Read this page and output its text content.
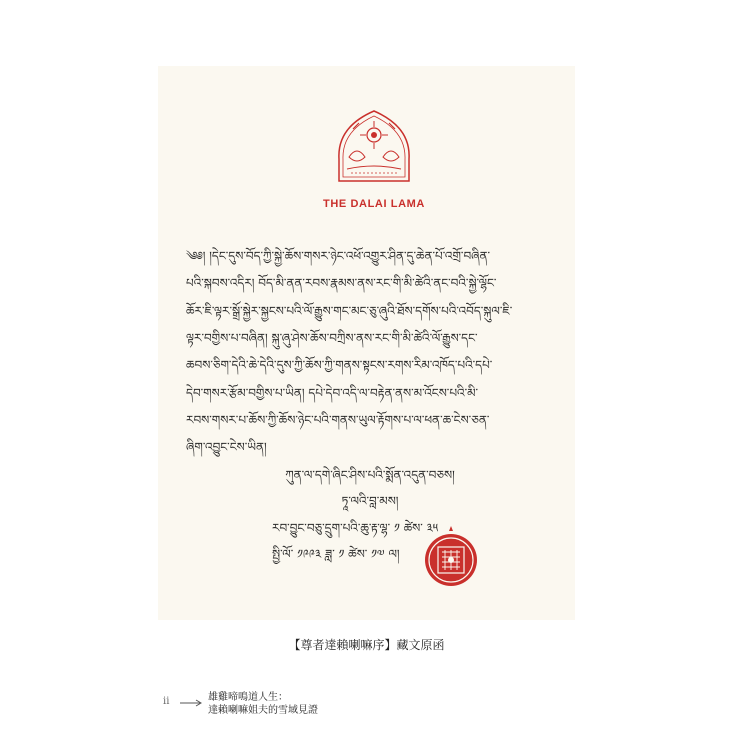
THE DALAI LAMA
༄༅། །དེང་དུས་བོད་ཀྱི་སྐྱེ་ཆོས་གསར་ཉེང་འཕོ་འགྱུར་ཤིན་དུ་ཆེན་པོ་འགྲོ་བཞིན་
པའི་སྐབས་འདིར། བོད་མི་ནན་རབས་རྣམས་ནས་རང་གི་མི་ཚེའི་ནང་བའི་སྐྱེ་ལྷོང་
ཆོར་ཇི་ལྟར་སྒྲོ་སྐྱེར་སྐྱངས་པའི་ལོ་རྒྱུས་གང་མང་ཅུ་ཞུའི་ཐོས་དགོས་པའི་འབོད་སྐུལ་ཇི་
ལྟར་བགྱིས་པ་བཞིན། སྐུ་ཞུ་ཤེས་ཆོས་བཀྲིས་ནས་རང་གི་མི་ཚེའི་ལོ་རྒྱུས་དང་
ཆབས་ཅིག་དེའི་ཆེ་དེའི་དུས་ཀྱི་ཆོས་ཀྱི་གནས་སྟངས་རགས་རིམ་འཁོད་པའི་དཔེ་
དེབ་གསར་རྩོམ་བགྱིས་པ་ཡིན། དཔེ་དེབ་འདི་ལ་བརྟེན་ནས་མ་འོངས་པའི་མི་
རབས་གསར་པ་ཆོས་ཀྱི་ཆོས་ཉེང་པའི་གནས་ཡུལ་རྟོགས་པ་ལ་ཕན་ཆ་ངེས་ཅན་
ཞིག་འབྱུང་ངེས་ཡིན།
ཀུན་ལ་དགེ་ཞིང་ཤིས་པའི་སྨོན་འདུན་བཅས།
ཏཱ་ལའི་བླ་མས།
རབ་བྱུང་བཅུ་དྲུག་པའི་ཆུ་རྟ་ལྷ་ ༡ ཚེས་ ༣༥
སྤྱི་ལོ་ ༡༩༩༣ ཟླ་ ༡ ཚེས་ ༡༧ ལ།
【尊者達賴喇嘛序】藏文原函
ii	雄雞啼鳴道人生：
達賴喇嘛姐夫的雪域見證
